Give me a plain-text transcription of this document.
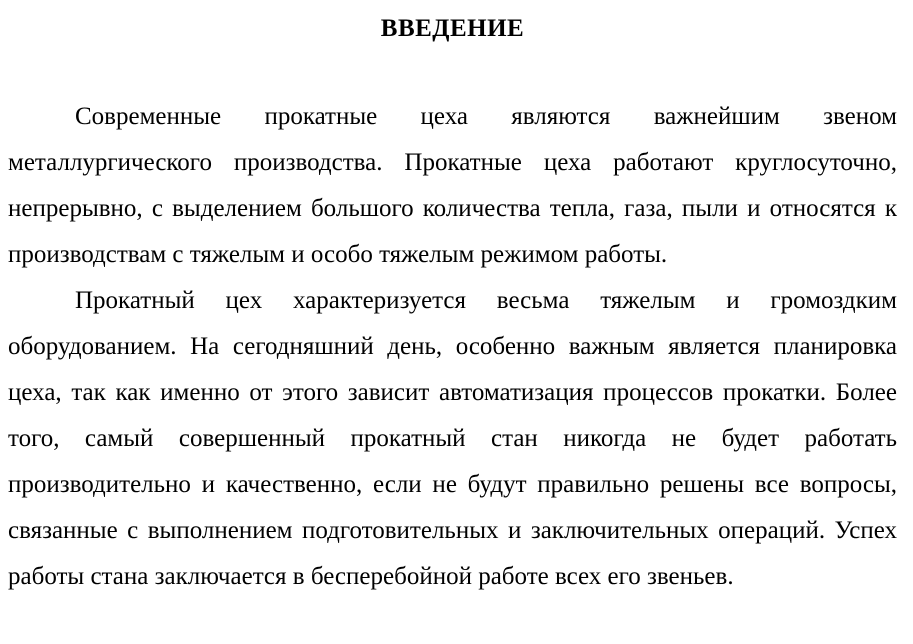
ВВЕДЕНИЕ

Современные прокатные цеха являются важнейшим звеном металлургического производства. Прокатные цеха работают круглосуточно, непрерывно, с выделением большого количества тепла, газа, пыли и относятся к производствам с тяжелым и особо тяжелым режимом работы.

Прокатный цех характеризуется весьма тяжелым и громоздким оборудованием. На сегодняшний день, особенно важным является планировка цеха, так как именно от этого зависит автоматизация процессов прокатки. Более того, самый совершенный прокатный стан никогда не будет работать производительно и качественно, если не будут правильно решены все вопросы, связанные с выполнением подготовительных и заключительных операций. Успех работы стана заключается в бесперебойной работе всех его звеньев.
